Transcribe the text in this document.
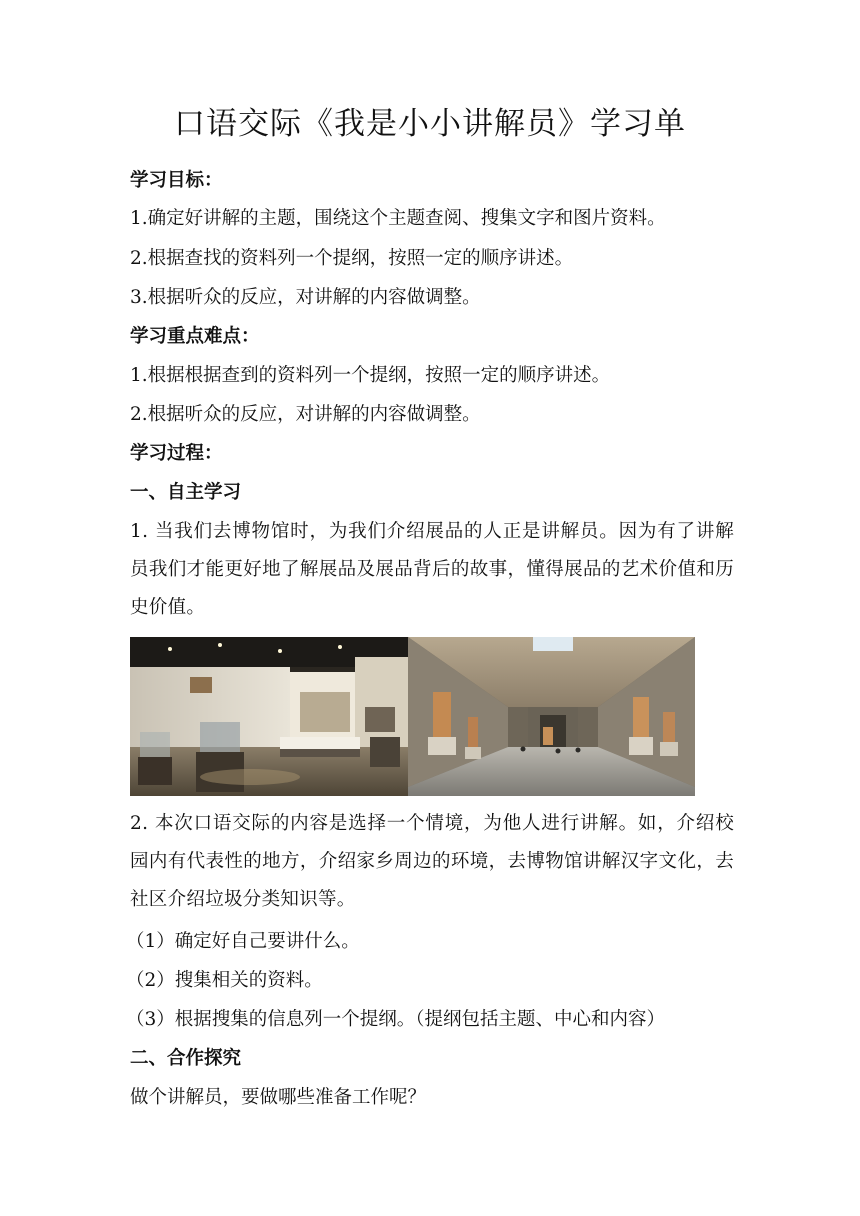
口语交际《我是小小讲解员》学习单
学习目标：
1.确定好讲解的主题，围绕这个主题查阅、搜集文字和图片资料。
2.根据查找的资料列一个提纲，按照一定的顺序讲述。
3.根据听众的反应，对讲解的内容做调整。
学习重点难点：
1.根据根据查到的资料列一个提纲，按照一定的顺序讲述。
2.根据听众的反应，对讲解的内容做调整。
学习过程：
一、自主学习
1. 当我们去博物馆时，为我们介绍展品的人正是讲解员。因为有了讲解员我们才能更好地了解展品及展品背后的故事，懂得展品的艺术价值和历史价值。
2. 本次口语交际的内容是选择一个情境，为他人进行讲解。如，介绍校园内有代表性的地方，介绍家乡周边的环境，去博物馆讲解汉字文化，去社区介绍垃圾分类知识等。
（1）确定好自己要讲什么。
（2）搜集相关的资料。
（3）根据搜集的信息列一个提纲。（提纲包括主题、中心和内容）
二、合作探究
做个讲解员，要做哪些准备工作呢？
